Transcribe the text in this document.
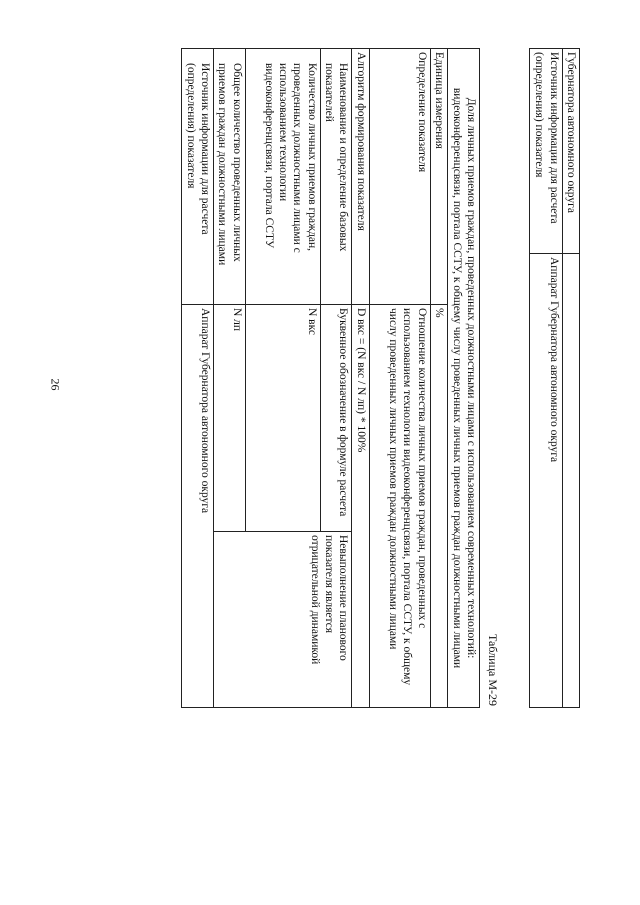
26
Губернатора автономного округа	
Источник информации для расчета (определения) показателя	Аппарат Губернатора автономного округа
Таблица М-29
Доля личных приемов граждан, проведенных должностными лицами с использованием современных технологий: видеоконференцсвязи, портала ССТУ, к общему числу проведенных личных приемов граждан должностными лицами		
Единица измерения	%	
Определение показателя	Отношение количества личных приемов граждан, проведенных с использованием технологии видеоконференцсвязи, портала ССТУ, к общему числу проведенных личных приемов граждан должностными лицами	
Алгоритм формирования показателя	D вкс = (N вкс / N лп) * 100%	
Наименование и определение базовых показателей	Буквенное обозначение в формуле расчета	Невыполнение планового показателя является отрицательной динамикой
Количество личных приемов граждан, проведенных должностными лицами с использованием технологии видеоконференцсвязи, портала ССТУ	N вкс	
Общее количество проведенных личных приемов граждан должностными лицами	N лп	
Источник информации для расчета (определения) показателя	Аппарат Губернатора автономного округа	
